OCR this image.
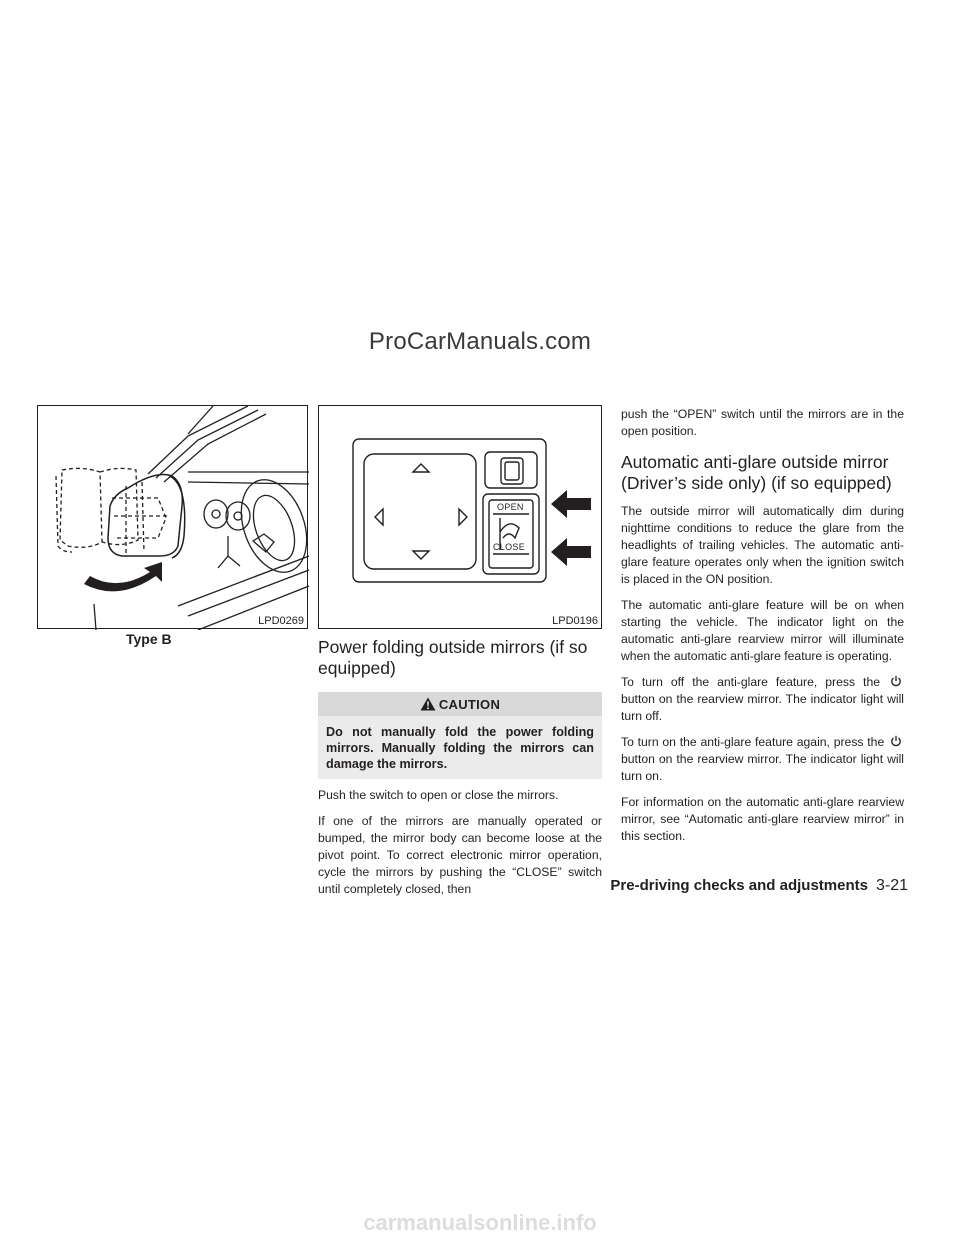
ProCarManuals.com
LPD0269
Type B
OPEN
CLOSE
LPD0196
Power folding outside mirrors (if so equipped)
CAUTION
Do not manually fold the power folding mirrors. Manually folding the mirrors can damage the mirrors.

Push the switch to open or close the mirrors.

If one of the mirrors are manually operated or bumped, the mirror body can become loose at the pivot point. To correct electronic mirror operation, cycle the mirrors by pushing the “CLOSE” switch until completely closed, then

push the “OPEN” switch until the mirrors are in the open position.

Automatic anti-glare outside mirror (Driver’s side only) (if so equipped)

The outside mirror will automatically dim during nighttime conditions to reduce the glare from the headlights of trailing vehicles. The automatic anti-glare feature operates only when the ignition switch is placed in the ON position.

The automatic anti-glare feature will be on when starting the vehicle. The indicator light on the automatic anti-glare rearview mirror will illuminate when the automatic anti-glare feature is operating.

To turn off the anti-glare feature, press the  button on the rearview mirror. The indicator light will turn off.

To turn on the anti-glare feature again, press the  button on the rearview mirror. The indicator light will turn on.

For information on the automatic anti-glare rearview mirror, see “Automatic anti-glare rearview mirror” in this section.

Pre-driving checks and adjustments 3-21
carmanualsonline.info
